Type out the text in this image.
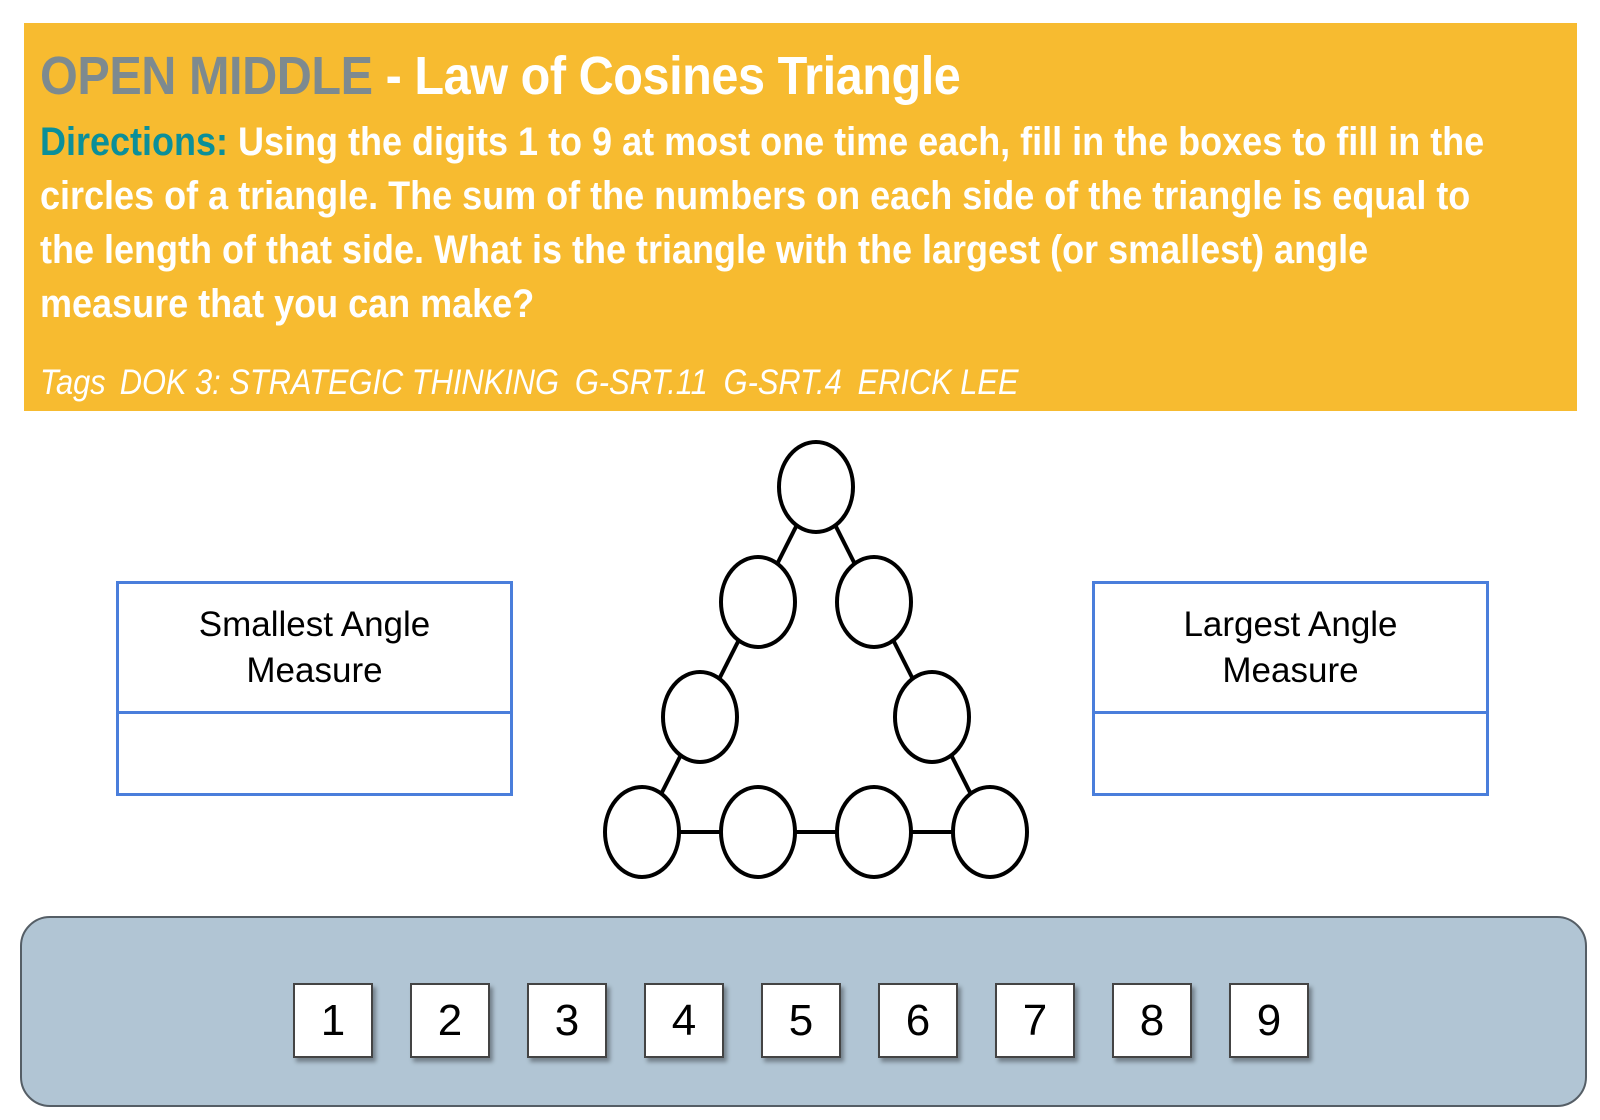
OPEN MIDDLE - Law of Cosines Triangle
Directions: Using the digits 1 to 9 at most one time each, fill in the boxes to fill in the circles of a triangle. The sum of the numbers on each side of the triangle is equal to the length of that side. What is the triangle with the largest (or smallest) angle measure that you can make?
Tags DOK 3: STRATEGIC THINKING G-SRT.11 G-SRT.4 ERICK LEE
Smallest Angle Measure
Largest Angle Measure
1	2	3	4	5	6	7	8	9
